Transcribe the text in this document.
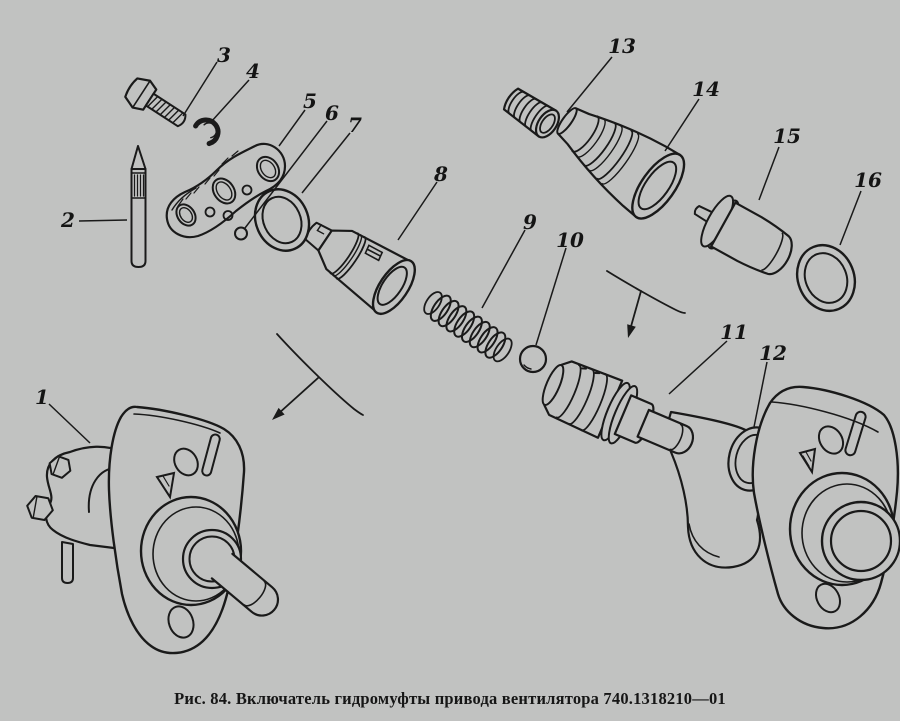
1
2
3
4
5 6 7
8
9
10
11
12
13
14
15
16
Рис. 84. Включатель гидромуфты привода вентилятора 740.1318210—01
